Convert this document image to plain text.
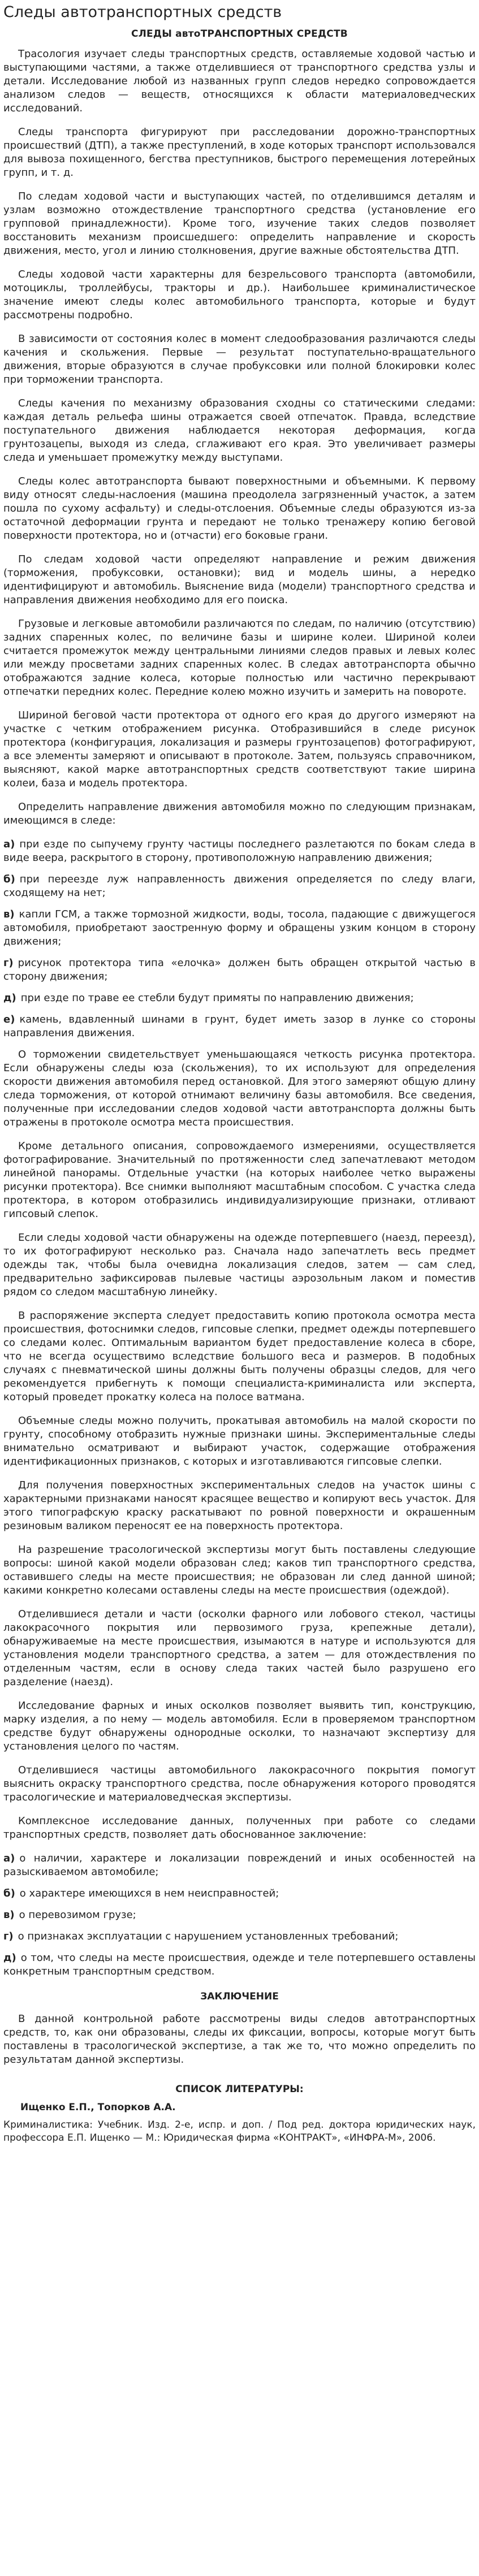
Следы автотранспортных средств
СЛЕДЫ автоТРАНСПОРТНЫХ СРЕДСТВ

Трасология изучает следы транспортных средств, оставляемые ходовой частью и выступающими частями, а также отделившиеся от транспортного средства узлы и детали. Исследование любой из названных групп следов нередко сопровождается анализом следов — веществ, относящихся к области материаловедческих исследований.

Следы транспорта фигурируют при расследовании дорожно-транспортных происшествий (ДТП), а также преступлений, в ходе которых транспорт использовался для вывоза похищенного, бегства преступников, быстрого перемещения лотерейных групп, и т. д.

По следам ходовой части и выступающих частей, по отделившимся деталям и узлам возможно отождествление транспортного средства (установление его групповой принадлежности). Кроме того, изучение таких следов позволяет восстановить механизм происшедшего: определить направление и скорость движения, место, угол и линию столкновения, другие важные обстоятельства ДТП.

Следы ходовой части характерны для безрельсового транспорта (автомобили, мотоциклы, троллейбусы, тракторы и др.). Наибольшее криминалистическое значение имеют следы колес автомобильного транспорта, которые и будут рассмотрены подробно.

В зависимости от состояния колес в момент следообразования различаются следы качения и скольжения. Первые — результат поступательно-вращательного движения, вторые образуются в случае пробуксовки или полной блокировки колес при торможении транспорта.

Следы качения по механизму образования сходны со статическими следами: каждая деталь рельефа шины отражается своей отпечаток. Правда, вследствие поступательного движения наблюдается некоторая деформация, когда грунтозацепы, выходя из следа, сглаживают его края. Это увеличивает размеры следа и уменьшает промежутку между выступами.

Следы колес автотранспорта бывают поверхностными и объемными. К первому виду относят следы-наслоения (машина преодолела загрязненный участок, а затем пошла по сухому асфальту) и следы-отслоения. Объемные следы образуются из-за остаточной деформации грунта и передают не только тренажеру копию беговой поверхности протектора, но и (отчасти) его боковые грани.

По следам ходовой части определяют направление и режим движения (торможения, пробуксовки, остановки); вид и модель шины, а нередко идентифицируют и автомобиль. Выяснение вида (модели) транспортного средства и направления движения необходимо для его поиска.

Грузовые и легковые автомобили различаются по следам, по наличию (отсутствию) задних спаренных колес, по величине базы и ширине колеи. Шириной колеи считается промежуток между центральными линиями следов правых и левых колес или между просветами задних спаренных колес. В следах автотранспорта обычно отображаются задние колеса, которые полностью или частично перекрывают отпечатки передних колес. Передние колею можно изучить и замерить на повороте.

Шириной беговой части протектора от одного его края до другого измеряют на участке с четким отображением рисунка. Отобразившийся в следе рисунок протектора (конфигурация, локализация и размеры грунтозацепов) фотографируют, а все элементы замеряют и описывают в протоколе. Затем, пользуясь справочником, выясняют, какой марке автотранспортных средств соответствуют такие ширина колеи, база и модель протектора.

Определить направление движения автомобиля можно по следующим признакам, имеющимся в следе:

а) при езде по сыпучему грунту частицы последнего разлетаются по бокам следа в виде веера, раскрытого в сторону, противоположную направлению движения;
б) при переезде луж направленность движения определяется по следу влаги, сходящему на нет;
в) капли ГСМ, а также тормозной жидкости, воды, тосола, падающие с движущегося автомобиля, приобретают заостренную форму и обращены узким концом в сторону движения;
г) рисунок протектора типа «елочка» должен быть обращен открытой частью в сторону движения;
д) при езде по траве ее стебли будут примяты по направлению движения;
е) камень, вдавленный шинами в грунт, будет иметь зазор в лунке со стороны направления движения.

О торможении свидетельствует уменьшающаяся четкость рисунка протектора. Если обнаружены следы юза (скольжения), то их используют для определения скорости движения автомобиля перед остановкой. Для этого замеряют общую длину следа торможения, от которой отнимают величину базы автомобиля. Все сведения, полученные при исследовании следов ходовой части автотранспорта должны быть отражены в протоколе осмотра места происшествия.

Кроме детального описания, сопровождаемого измерениями, осуществляется фотографирование. Значительный по протяженности след запечатлевают методом линейной панорамы. Отдельные участки (на которых наиболее четко выражены рисунки протектора). Все снимки выполняют масштабным способом. С участка следа протектора, в котором отобразились индивидуализирующие признаки, отливают гипсовый слепок.

Если следы ходовой части обнаружены на одежде потерпевшего (наезд, переезд), то их фотографируют несколько раз. Сначала надо запечатлеть весь предмет одежды так, чтобы была очевидна локализация следов, затем — сам след, предварительно зафиксировав пылевые частицы аэрозольным лаком и поместив рядом со следом масштабную линейку.

В распоряжение эксперта следует предоставить копию протокола осмотра места происшествия, фотоснимки следов, гипсовые слепки, предмет одежды потерпевшего со следами колес. Оптимальным вариантом будет предоставление колеса в сборе, что не всегда осуществимо вследствие большого веса и размеров. В подобных случаях с пневматической шины должны быть получены образцы следов, для чего рекомендуется прибегнуть к помощи специалиста-криминалиста или эксперта, который проведет прокатку колеса на полосе ватмана.

Объемные следы можно получить, прокатывая автомобиль на малой скорости по грунту, способному отобразить нужные признаки шины. Экспериментальные следы внимательно осматривают и выбирают участок, содержащие отображения идентификационных признаков, с которых и изготавливаются гипсовые слепки.

Для получения поверхностных экспериментальных следов на участок шины с характерными признаками наносят красящее вещество и копируют весь участок. Для этого типографскую краску раскатывают по ровной поверхности и окрашенным резиновым валиком переносят ее на поверхность протектора.

На разрешение трасологической экспертизы могут быть поставлены следующие вопросы: шиной какой модели образован след; каков тип транспортного средства, оставившего следы на месте происшествия; не образован ли след данной шиной; какими конкретно колесами оставлены следы на месте происшествия (одеждой).

Отделившиеся детали и части (осколки фарного или лобового стекол, частицы лакокрасочного покрытия или первозимого груза, крепежные детали), обнаруживаемые на месте происшествия, изымаются в натуре и используются для установления модели транспортного средства, а затем — для отождествления по отделенным частям, если в основу следа таких частей было разрушено его разделение (наезд).

Исследование фарных и иных осколков позволяет выявить тип, конструкцию, марку изделия, а по нему — модель автомобиля. Если в проверяемом транспортном средстве будут обнаружены однородные осколки, то назначают экспертизу для установления целого по частям.

Отделившиеся частицы автомобильного лакокрасочного покрытия помогут выяснить окраску транспортного средства, после обнаружения которого проводятся трасологические и материаловедческая экспертизы.

Комплексное исследование данных, полученных при работе со следами транспортных средств, позволяет дать обоснованное заключение:

а) о наличии, характере и локализации повреждений и иных особенностей на разыскиваемом автомобиле;
б) о характере имеющихся в нем неисправностей;
в) о перевозимом грузе;
г) о признаках эксплуатации с нарушением установленных требований;
д) о том, что следы на месте происшествия, одежде и теле потерпевшего оставлены конкретным транспортным средством.
ЗАКЛЮЧЕНИЕ

В данной контрольной работе рассмотрены виды следов автотранспортных средств, то, как они образованы, следы их фиксации, вопросы, которые могут быть поставлены в трасологической экспертизе, а так же то, что можно определить по результатам данной экспертизы.

СПИСОК ЛИТЕРАТУРЫ:
Ищенко Е.П., Топорков А.А.

Криминалистика: Учебник. Изд. 2-е, испр. и доп. / Под ред. доктора юридических наук, профессора Е.П. Ищенко — М.: Юридическая фирма «КОНТРАКТ», «ИНФРА-М», 2006.
